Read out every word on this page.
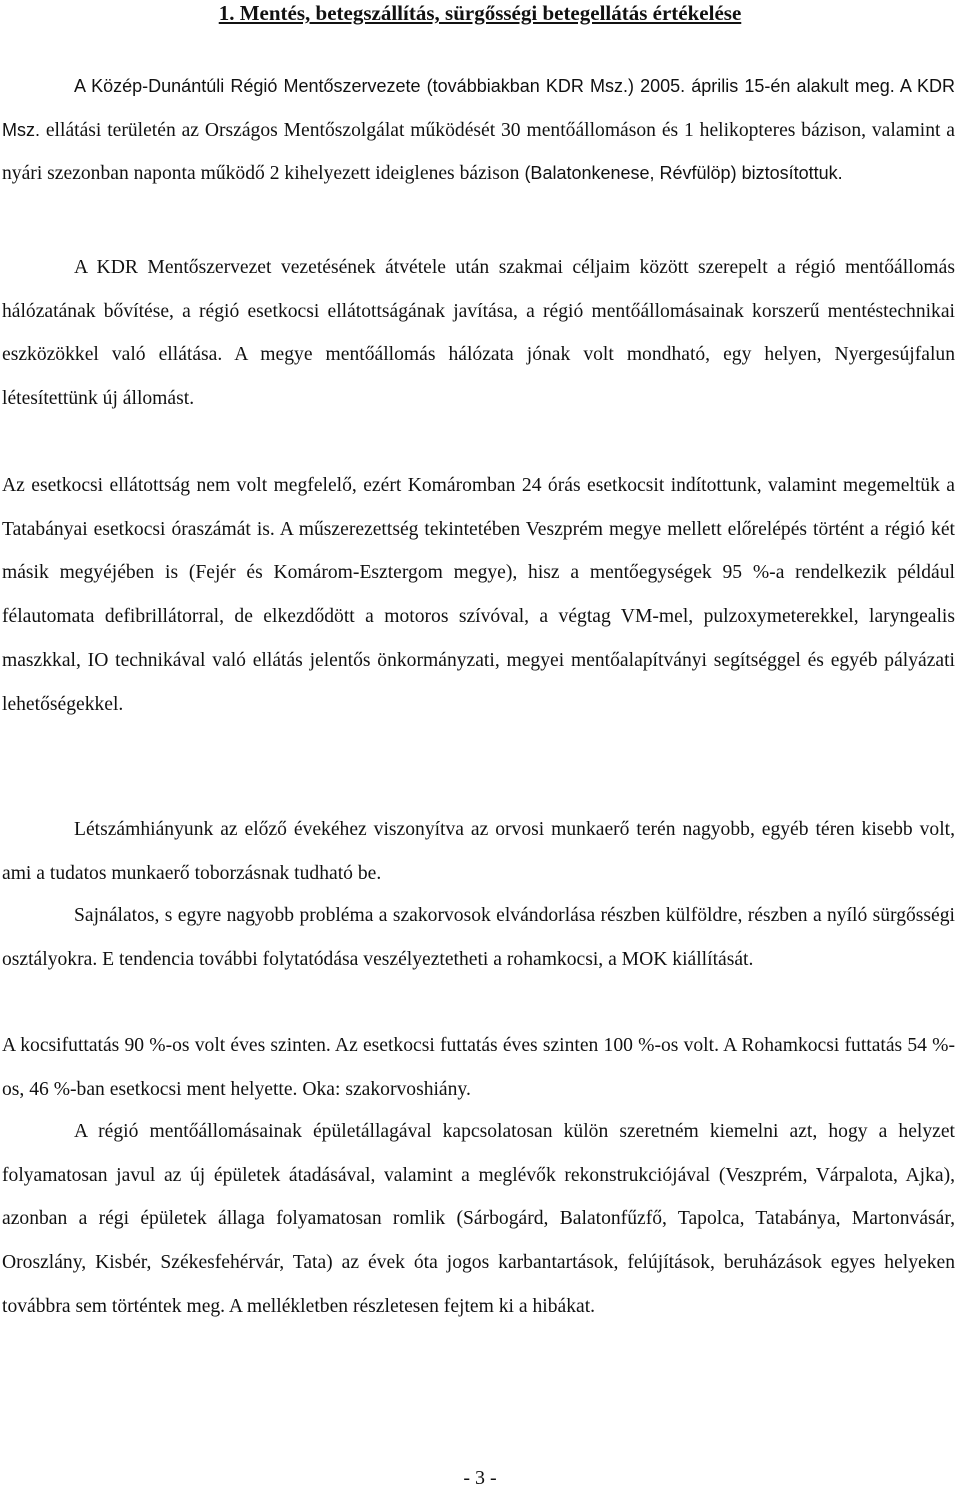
1. Mentés, betegszállítás, sürgősségi betegellátás értékelése

A Közép-Dunántúli Régió Mentőszervezete (továbbiakban KDR Msz.) 2005. április 15-én alakult meg. A KDR Msz. ellátási területén az Országos Mentőszolgálat működését 30 mentőállomáson és 1 helikopteres bázison, valamint a nyári szezonban naponta működő 2 kihelyezett ideiglenes bázison (Balatonkenese, Révfülöp) biztosítottuk.

A KDR Mentőszervezet vezetésének átvétele után szakmai céljaim között szerepelt a régió mentőállomás hálózatának bővítése, a régió esetkocsi ellátottságának javítása, a régió mentőállomásainak korszerű mentéstechnikai eszközökkel való ellátása. A megye mentőállomás hálózata jónak volt mondható, egy helyen, Nyergesújfalun létesítettünk új állomást.

Az esetkocsi ellátottság nem volt megfelelő, ezért Komáromban 24 órás esetkocsit indítottunk, valamint megemeltük a Tatabányai esetkocsi óraszámát is. A műszerezettség tekintetében Veszprém megye mellett előrelépés történt a régió két másik megyéjében is (Fejér és Komárom-Esztergom megye), hisz a mentőegységek 95 %-a rendelkezik például félautomata defibrillátorral, de elkezdődött a motoros szívóval, a végtag VM-mel, pulzoxymeterekkel, laryngealis maszkkal, IO technikával való ellátás jelentős önkormányzati, megyei mentőalapítványi segítséggel és egyéb pályázati lehetőségekkel.

Létszámhiányunk az előző évekéhez viszonyítva az orvosi munkaerő terén nagyobb, egyéb téren kisebb volt, ami a tudatos munkaerő toborzásnak tudható be.

Sajnálatos, s egyre nagyobb probléma a szakorvosok elvándorlása részben külföldre, részben a nyíló sürgősségi osztályokra. E tendencia további folytatódása veszélyeztetheti a rohamkocsi, a MOK kiállítását.

A kocsifuttatás 90 %-os volt éves szinten. Az esetkocsi futtatás éves szinten 100 %-os volt. A Rohamkocsi futtatás 54 %-os, 46 %-ban esetkocsi ment helyette. Oka: szakorvoshiány.

A régió mentőállomásainak épületállagával kapcsolatosan külön szeretném kiemelni azt, hogy a helyzet folyamatosan javul az új épületek átadásával, valamint a meglévők rekonstrukciójával (Veszprém, Várpalota, Ajka), azonban a régi épületek állaga folyamatosan romlik (Sárbogárd, Balatonfűzfő, Tapolca, Tatabánya, Martonvásár, Oroszlány, Kisbér, Székesfehérvár, Tata) az évek óta jogos karbantartások, felújítások, beruházások egyes helyeken továbbra sem történtek meg. A mellékletben részletesen fejtem ki a hibákat.

- 3 -
